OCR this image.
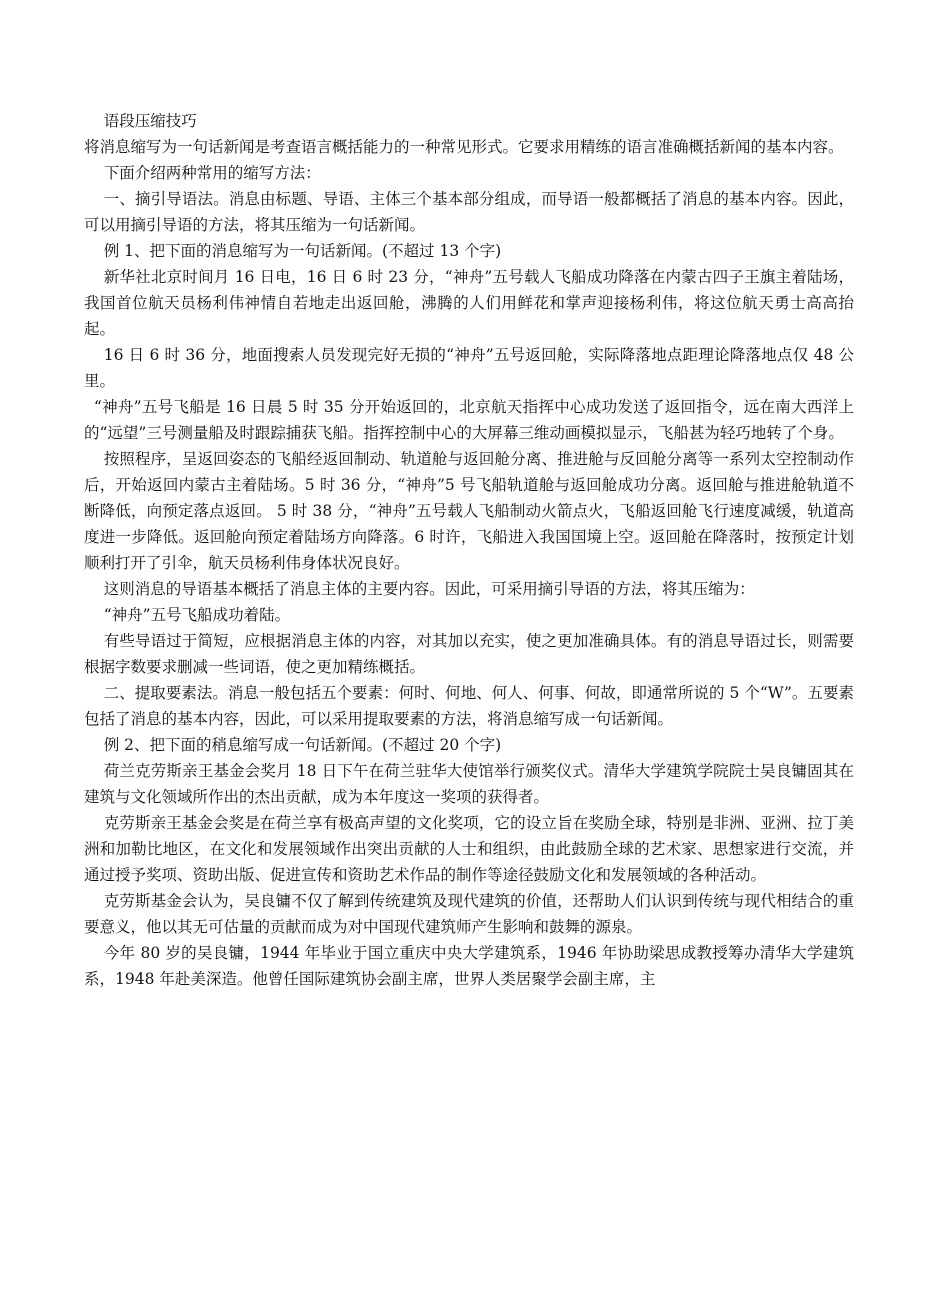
语段压缩技巧

将消息缩写为一句话新闻是考查语言概括能力的一种常见形式。它要求用精练的语言准确概括新闻的基本内容。

下面介绍两种常用的缩写方法：

一、摘引导语法。消息由标题、导语、主体三个基本部分组成，而导语一般都概括了消息的基本内容。因此，可以用摘引导语的方法，将其压缩为一句话新闻。

例 1、把下面的消息缩写为一句话新闻。(不超过 13 个字)

新华社北京时间月 16 日电，16 日 6 时 23 分，“神舟”五号载人飞船成功降落在内蒙古四子王旗主着陆场，我国首位航天员杨利伟神情自若地走出返回舱，沸腾的人们用鲜花和掌声迎接杨利伟，将这位航天勇士高高抬起。

16 日 6 时 36 分，地面搜索人员发现完好无损的“神舟”五号返回舱，实际降落地点距理论降落地点仅 48 公里。

“神舟”五号飞船是 16 日晨 5 时 35 分开始返回的，北京航天指挥中心成功发送了返回指令，远在南大西洋上的“远望”三号测量船及时跟踪捕获飞船。指挥控制中心的大屏幕三维动画模拟显示，飞船甚为轻巧地转了个身。

按照程序，呈返回姿态的飞船经返回制动、轨道舱与返回舱分离、推进舱与反回舱分离等一系列太空控制动作后，开始返回内蒙古主着陆场。5 时 36 分，“神舟”5 号飞船轨道舱与返回舱成功分离。返回舱与推进舱轨道不断降低，向预定落点返回。 5 时 38 分，“神舟”五号载人飞船制动火箭点火，飞船返回舱飞行速度减缓，轨道高度进一步降低。返回舱向预定着陆场方向降落。6 时许，飞船进入我国国境上空。返回舱在降落时，按预定计划顺利打开了引伞，航天员杨利伟身体状况良好。

这则消息的导语基本概括了消息主体的主要内容。因此，可采用摘引导语的方法，将其压缩为：

“神舟”五号飞船成功着陆。

有些导语过于简短，应根据消息主体的内容，对其加以充实，使之更加准确具体。有的消息导语过长，则需要根据字数要求删减一些词语，使之更加精练概括。

二、提取要素法。消息一般包括五个要素：何时、何地、何人、何事、何故，即通常所说的 5 个“W”。五要素包括了消息的基本内容，因此，可以采用提取要素的方法，将消息缩写成一句话新闻。

例 2、把下面的稍息缩写成一句话新闻。(不超过 20 个字)

荷兰克劳斯亲王基金会奖月 18 日下午在荷兰驻华大使馆举行颁奖仪式。清华大学建筑学院院士吴良镛固其在建筑与文化领域所作出的杰出贡献，成为本年度这一奖项的获得者。

克劳斯亲王基金会奖是在荷兰享有极高声望的文化奖项，它的设立旨在奖励全球，特别是非洲、亚洲、拉丁美洲和加勒比地区，在文化和发展领域作出突出贡献的人士和组织，由此鼓励全球的艺术家、思想家进行交流，并通过授予奖项、资助出版、促进宣传和资助艺术作品的制作等途径鼓励文化和发展领域的各种活动。

克劳斯基金会认为，吴良镛不仅了解到传统建筑及现代建筑的价值，还帮助人们认识到传统与现代相结合的重要意义，他以其无可估量的贡献而成为对中国现代建筑师产生影响和鼓舞的源泉。

今年 80 岁的吴良镛，1944 年毕业于国立重庆中央大学建筑系，1946 年协助梁思成教授筹办清华大学建筑系，1948 年赴美深造。他曾任国际建筑协会副主席，世界人类居聚学会副主席，主
